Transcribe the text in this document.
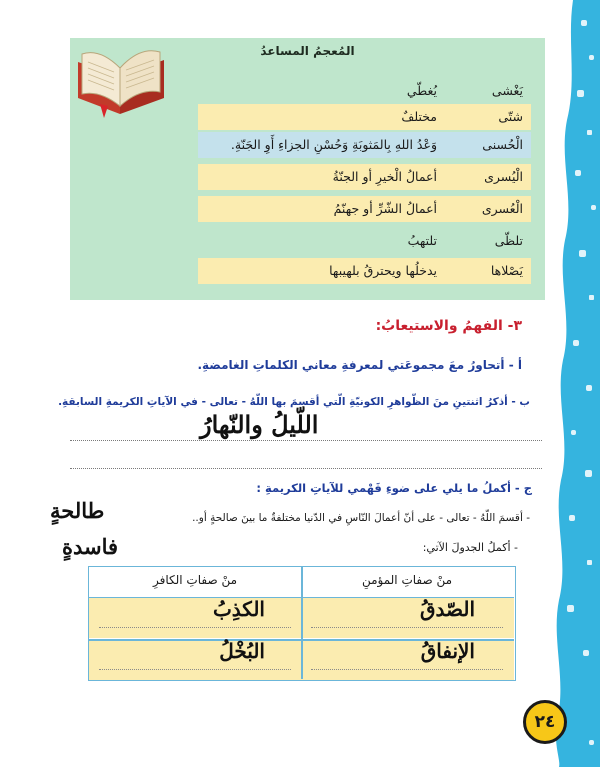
المُعجمُ المساعدُ
يَغْشى
يُغطّي
شتّى
مختلفٌ
الْحُسنى
وَعْدُ اللهِ بِالمَثوبَةِ وَحُسْنِ الجزاءِ أَوِ الجَنّةِ.
الْيُسرى
أعمالُ الْخيرِ أو الجنّةُ
الْعُسرى
أعمالُ الشّرِّ أو جهنّمُ
تلظّى
تلتهبُ
يَصْلاها
يدخلُها ويحترقُ بلهيبها
٣- الفهمُ والاستيعابُ:
أ - أتحاورُ معَ مجموعَتي لمعرفةِ معاني الكلماتِ الغامضةِ.
ب - أذكرُ اثنتينِ منَ الظّواهرِ الكونيّةِ الّتي أقسمَ بها اللّهُ - تعالى - في الآياتِ الكريمةِ السابقةِ.
اللّيلُ والنّهارُ
ج - أكملُ ما يلي على ضوءِ فَهْمي للآياتِ الكريمةِ :
- أقسمَ اللّهُ - تعالى - على أنّ أعمالَ النّاسِ في الدّنيا مختلفةٌ ما بينَ صالحةٍ أو..
طالحةٍ
فاسدةٍ	- أكملُ الجدولَ الآتي:
منْ صفاتِ المؤمنِ
منْ صفاتِ الكافرِ
الصّدقُ
الكذِبُ
الإنفاقُ
البُخْلُ
٢٤
